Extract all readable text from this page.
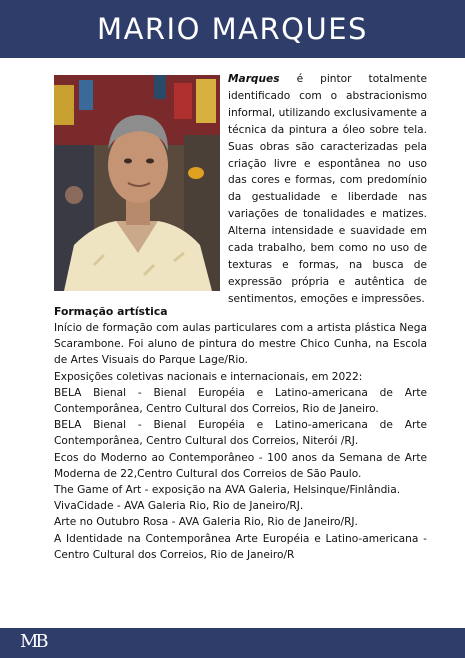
MARIO MARQUES

Marques é pintor totalmente identificado com o abstracionismo informal, utilizando exclusivamente a técnica da pintura a óleo sobre tela. Suas obras são caracterizadas pela criação livre e espontânea no uso das cores e formas, com predomínio da gestualidade e liberdade nas variações de tonalidades e matizes. Alterna intensidade e suavidade em cada trabalho, bem como no uso de texturas e formas, na busca de expressão própria e autêntica de sentimentos, emoções e impressões.

Formação artística

Início de formação com aulas particulares com a artista plástica Nega Scarambone. Foi aluno de pintura do mestre Chico Cunha, na Escola de Artes Visuais do Parque Lage/Rio.

Exposições coletivas nacionais e internacionais, em 2022:

BELA Bienal - Bienal Européia e Latino-americana de Arte Contemporânea, Centro Cultural dos Correios, Rio de Janeiro.

BELA Bienal - Bienal Européia e Latino-americana de Arte Contemporânea, Centro Cultural dos Correios, Niterói /RJ.

Ecos do Moderno ao Contemporâneo - 100 anos da Semana de Arte Moderna de 22,Centro Cultural dos Correios de São Paulo.

The Game of Art - exposição na AVA Galeria, Helsinque/Finlândia.

VivaCidade - AVA Galeria Rio, Rio de Janeiro/RJ.

Arte no Outubro Rosa - AVA Galeria Rio, Rio de Janeiro/RJ.

A Identidade na Contemporânea Arte Européia e Latino-americana - Centro Cultural dos Correios, Rio de Janeiro/R

MB
